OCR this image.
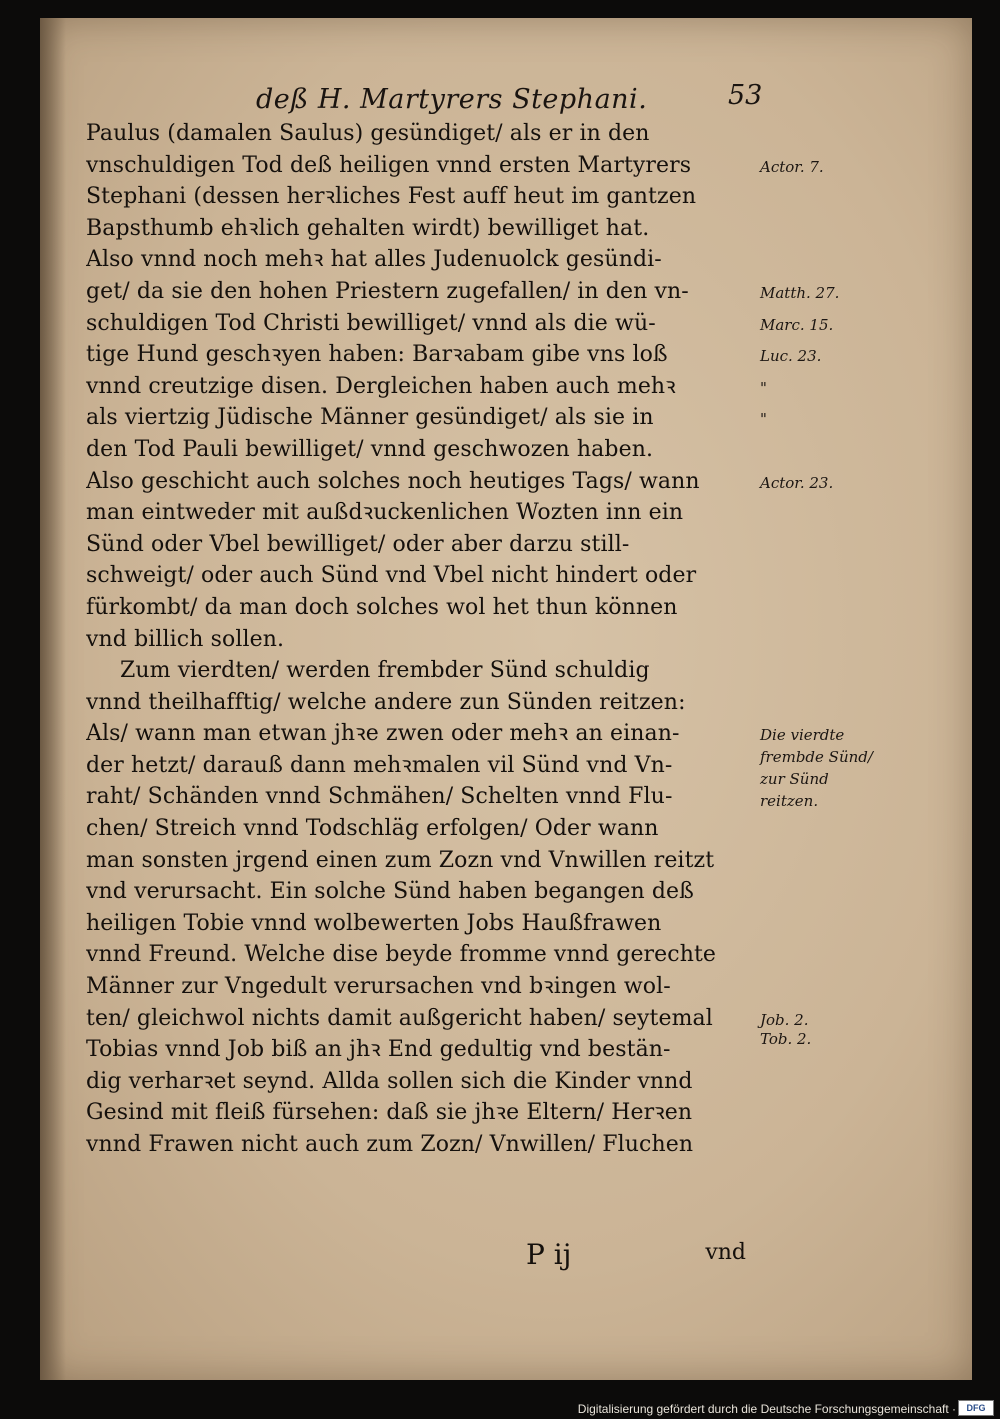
deß H. Martyrers Stephani.	53
Paulus (damalen Saulus) gesündiget/ als er in den
vnschuldigen Tod deß heiligen vnnd ersten Martyrers
Stephani (dessen herꝛliches Fest auff heut im gantzen
Bapsthumb ehꝛlich gehalten wirdt) bewilliget hat.
Also vnnd noch mehꝛ hat alles Judenuolck gesündi-
get/ da sie den hohen Priestern zugefallen/ in den vn-
schuldigen Tod Christi bewilliget/ vnnd als die wü-
tige Hund geschꝛyen haben: Barꝛabam gibe vns loß
vnnd creutzige disen. Dergleichen haben auch mehꝛ
als viertzig Jüdische Männer gesündiget/ als sie in
den Tod Pauli bewilliget/ vnnd geschwozen haben.
Also geschicht auch solches noch heutiges Tags/ wann
man eintweder mit außdꝛuckenlichen Wozten inn ein
Sünd oder Vbel bewilliget/ oder aber darzu still-
schweigt/ oder auch Sünd vnd Vbel nicht hindert oder
fürkombt/ da man doch solches wol het thun können
vnd billich sollen.
Zum vierdten/ werden frembder Sünd schuldig
vnnd theilhafftig/ welche andere zun Sünden reitzen:
Als/ wann man etwan jhꝛe zwen oder mehꝛ an einan-
der hetzt/ darauß dann mehꝛmalen vil Sünd vnd Vn-
raht/ Schänden vnnd Schmähen/ Schelten vnnd Flu-
chen/ Streich vnnd Todschläg erfolgen/ Oder wann
man sonsten jrgend einen zum Zozn vnd Vnwillen reitzt
vnd verursacht. Ein solche Sünd haben begangen deß
heiligen Tobie vnnd wolbewerten Jobs Haußfrawen
vnnd Freund. Welche dise beyde fromme vnnd gerechte
Männer zur Vngedult verursachen vnd bꝛingen wol-
ten/ gleichwol nichts damit außgericht haben/ seytemal
Tobias vnnd Job biß an jhꝛ End gedultig vnd bestän-
dig verharꝛet seynd. Allda sollen sich die Kinder vnnd
Gesind mit fleiß fürsehen: daß sie jhꝛe Eltern/ Herꝛen
vnnd Frawen nicht auch zum Zozn/ Vnwillen/ Fluchen
Actor. 7.
Matth. 27.
Marc. 15.
Luc. 23.
"
"
Actor. 23.
Die vierdte frembde Sünd/ zur Sünd reitzen.
Job. 2.
Tob. 2.
P ij	vnd
Digitalisierung gefördert durch die Deutsche Forschungsgemeinschaft ·	DFG
